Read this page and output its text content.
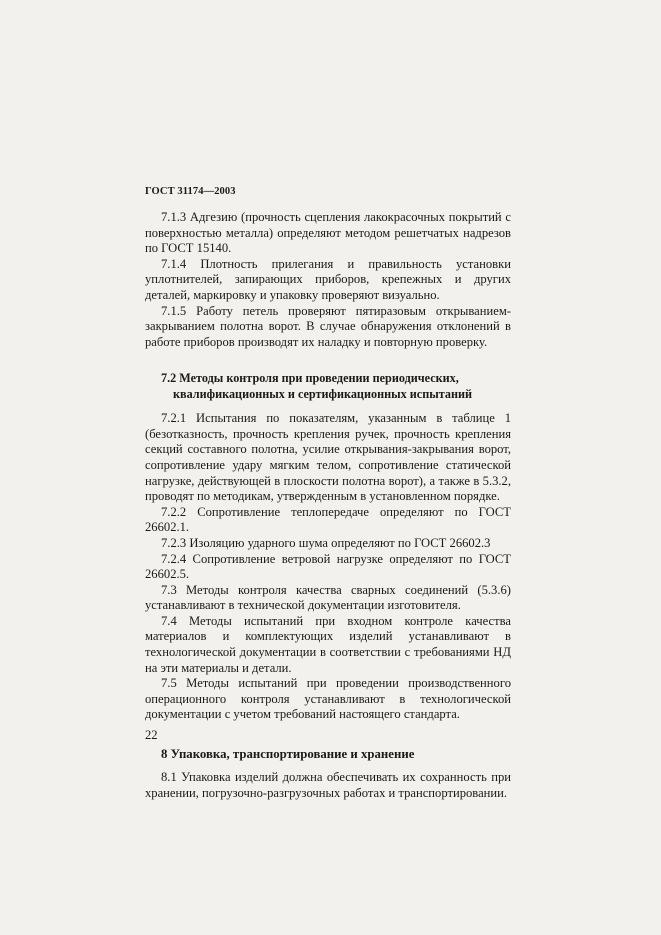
ГОСТ 31174—2003

7.1.3 Адгезию (прочность сцепления лакокрасочных покрытий с поверхностью металла) определяют методом решетчатых надрезов по ГОСТ 15140.

7.1.4 Плотность прилегания и правильность установки уплотнителей, запирающих приборов, крепежных и других деталей, маркировку и упаковку проверяют визуально.

7.1.5 Работу петель проверяют пятиразовым открыванием-закрыванием полотна ворот. В случае обнаружения отклонений в работе приборов производят их наладку и повторную проверку.

7.2 Методы контроля при проведении периодических,
квалификационных и сертификационных испытаний

7.2.1 Испытания по показателям, указанным в таблице 1 (безотказность, прочность крепления ручек, прочность крепления секций составного полотна, усилие открывания-закрывания ворот, сопротивление удару мягким телом, сопротивление статической нагрузке, действующей в плоскости полотна ворот), а также в 5.3.2, проводят по методикам, утвержденным в установленном порядке.

7.2.2 Сопротивление теплопередаче определяют по ГОСТ 26602.1.

7.2.3 Изоляцию ударного шума определяют по ГОСТ 26602.3

7.2.4 Сопротивление ветровой нагрузке определяют по ГОСТ 26602.5.

7.3 Методы контроля качества сварных соединений (5.3.6) устанавливают в технической документации изготовителя.

7.4 Методы испытаний при входном контроле качества материалов и комплектующих изделий устанавливают в технологической документации в соответствии с требованиями НД на эти материалы и детали.

7.5 Методы испытаний при проведении производственного операционного контроля устанавливают в технологической документации с учетом требований настоящего стандарта.

8 Упаковка, транспортирование и хранение

8.1 Упаковка изделий должна обеспечивать их сохранность при хранении, погрузочно-разгрузочных работах и транспортировании.

22
